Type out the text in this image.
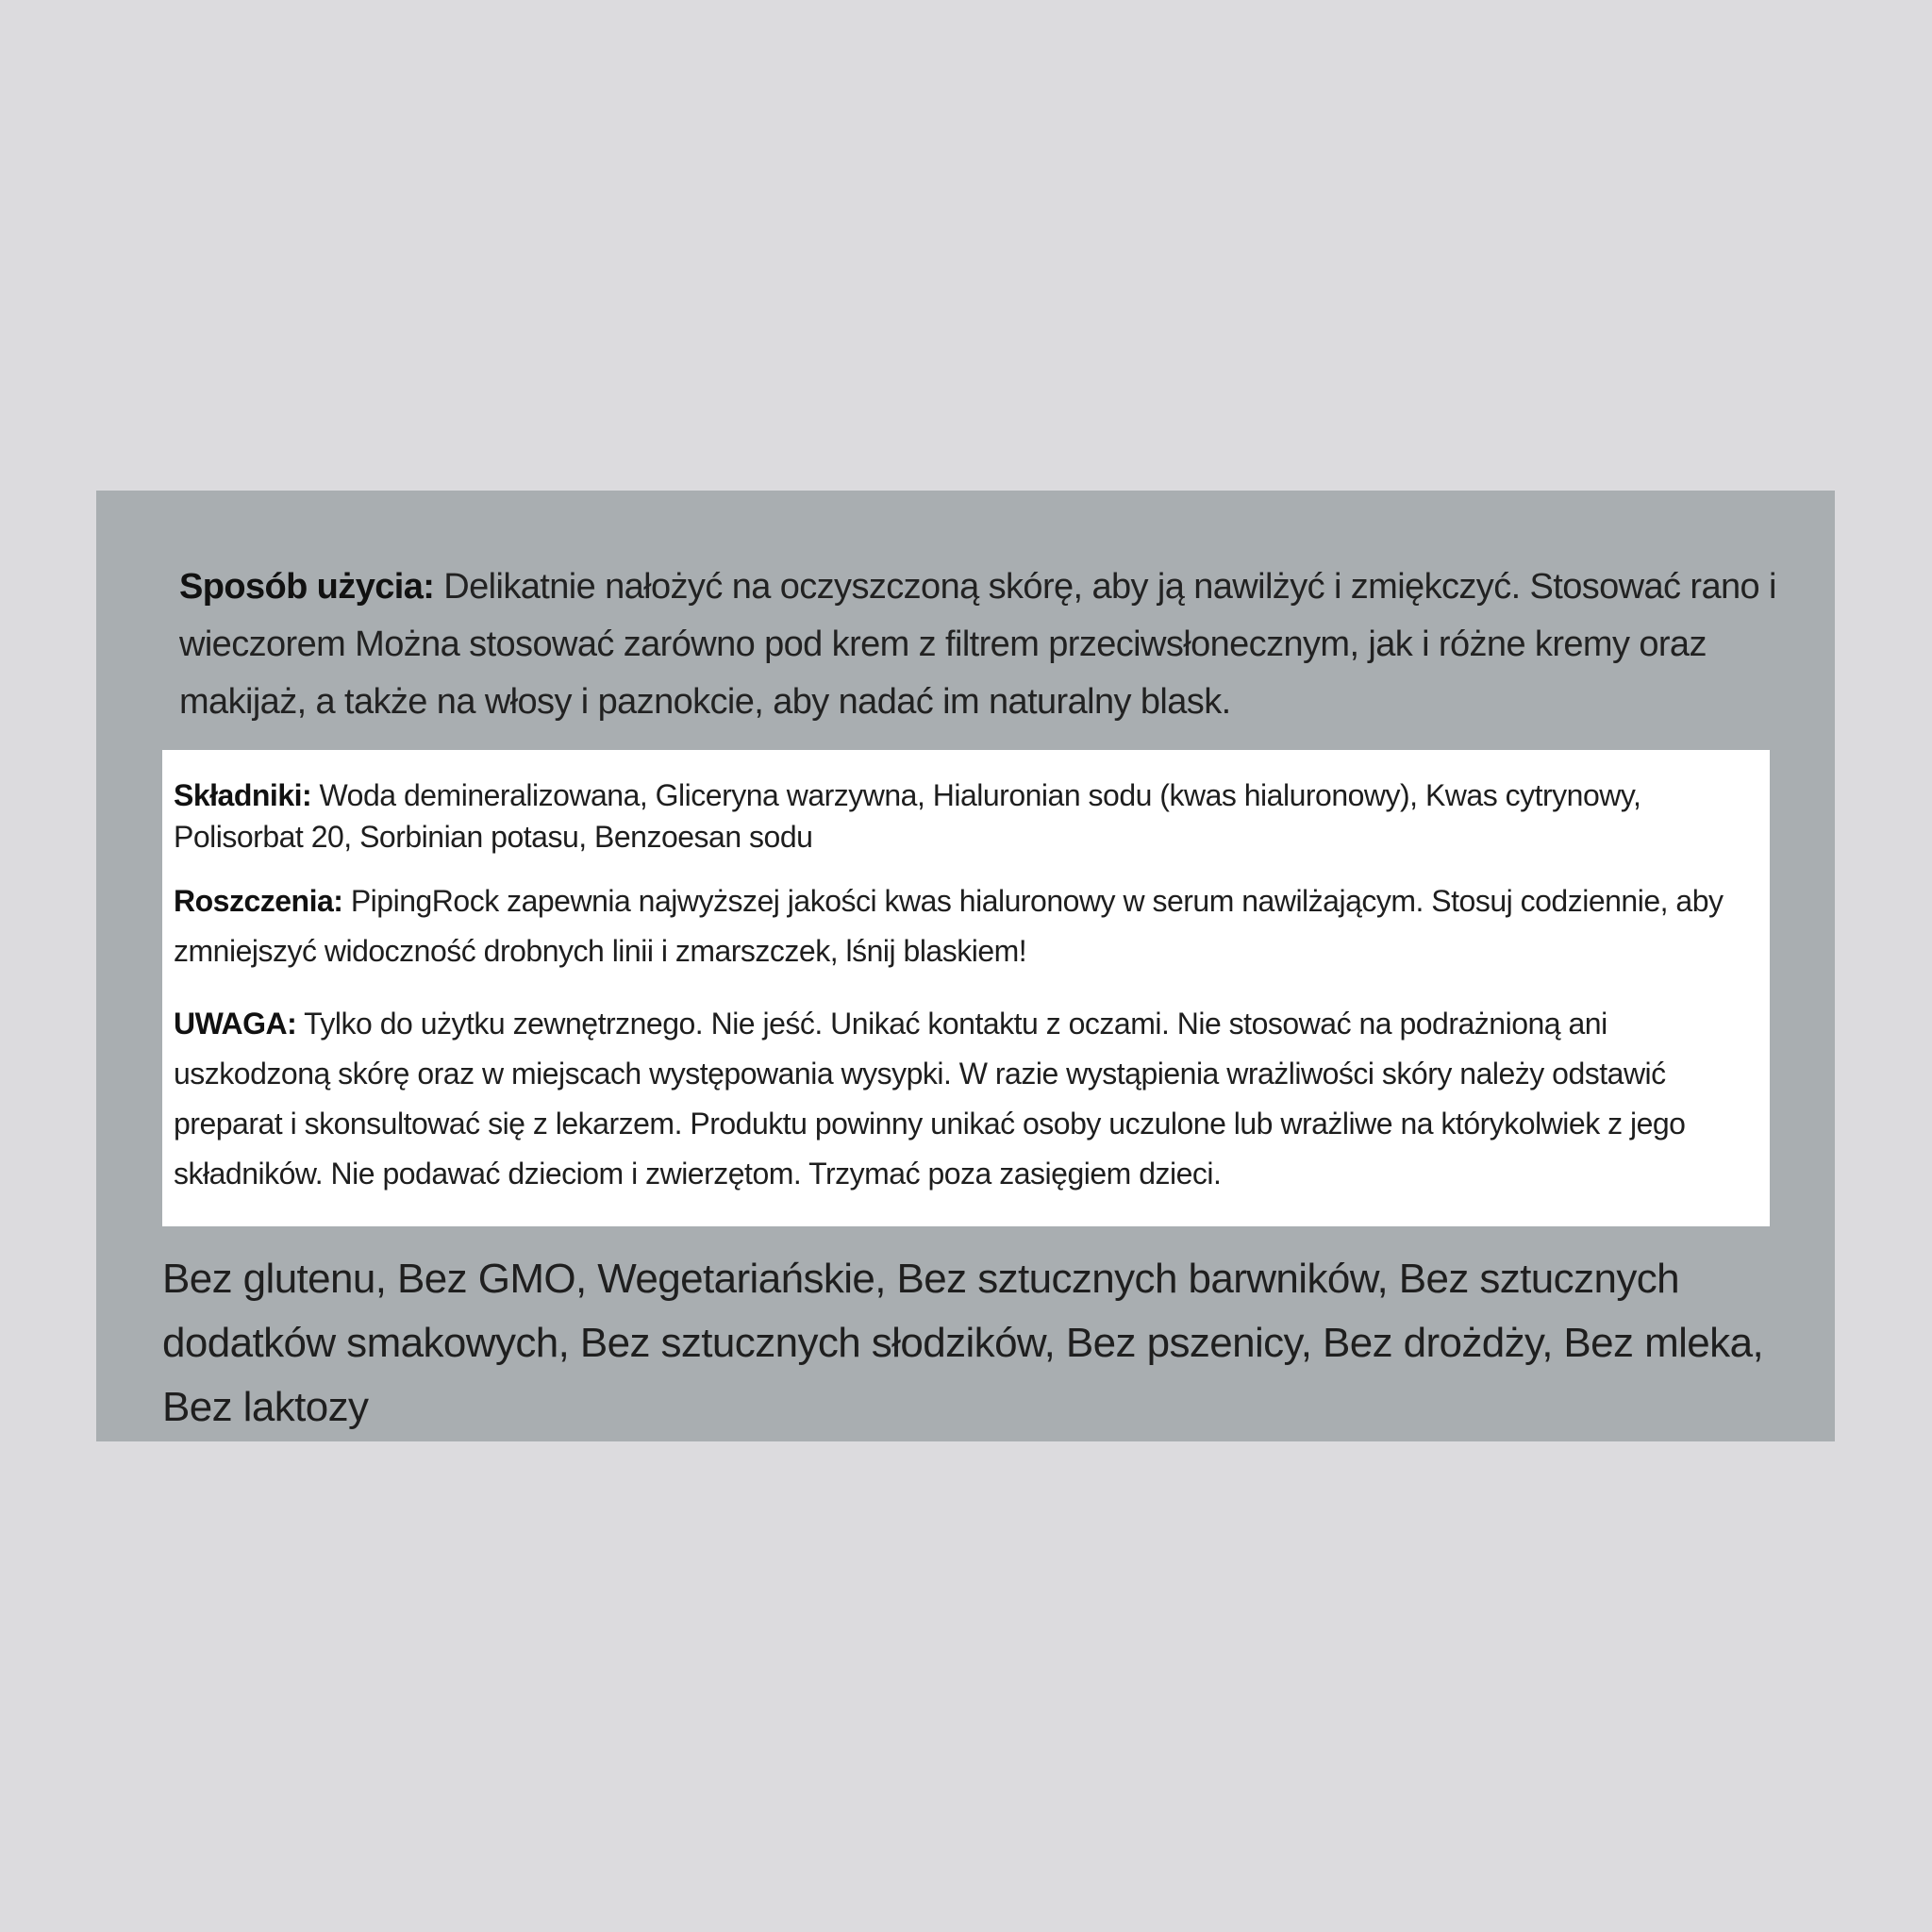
Sposób użycia: Delikatnie nałożyć na oczyszczoną skórę, aby ją nawilżyć i zmiękczyć. Stosować rano i wieczorem Można stosować zarówno pod krem z filtrem przeciwsłonecznym, jak i różne kremy oraz makijaż, a także na włosy i paznokcie, aby nadać im naturalny blask.

Składniki: Woda demineralizowana, Gliceryna warzywna, Hialuronian sodu (kwas hialuronowy), Kwas cytrynowy, Polisorbat 20, Sorbinian potasu, Benzoesan sodu

Roszczenia: PipingRock zapewnia najwyższej jakości kwas hialuronowy w serum nawilżającym. Stosuj codziennie, aby zmniejszyć widoczność drobnych linii i zmarszczek, lśnij blaskiem!

UWAGA: Tylko do użytku zewnętrznego. Nie jeść. Unikać kontaktu z oczami. Nie stosować na podrażnioną ani uszkodzoną skórę oraz w miejscach występowania wysypki. W razie wystąpienia wrażliwości skóry należy odstawić preparat i skonsultować się z lekarzem. Produktu powinny unikać osoby uczulone lub wrażliwe na którykolwiek z jego składników. Nie podawać dzieciom i zwierzętom. Trzymać poza zasięgiem dzieci.

Bez glutenu, Bez GMO, Wegetariańskie, Bez sztucznych barwników, Bez sztucznych dodatków smakowych, Bez sztucznych słodzików, Bez pszenicy, Bez drożdży, Bez mleka, Bez laktozy
